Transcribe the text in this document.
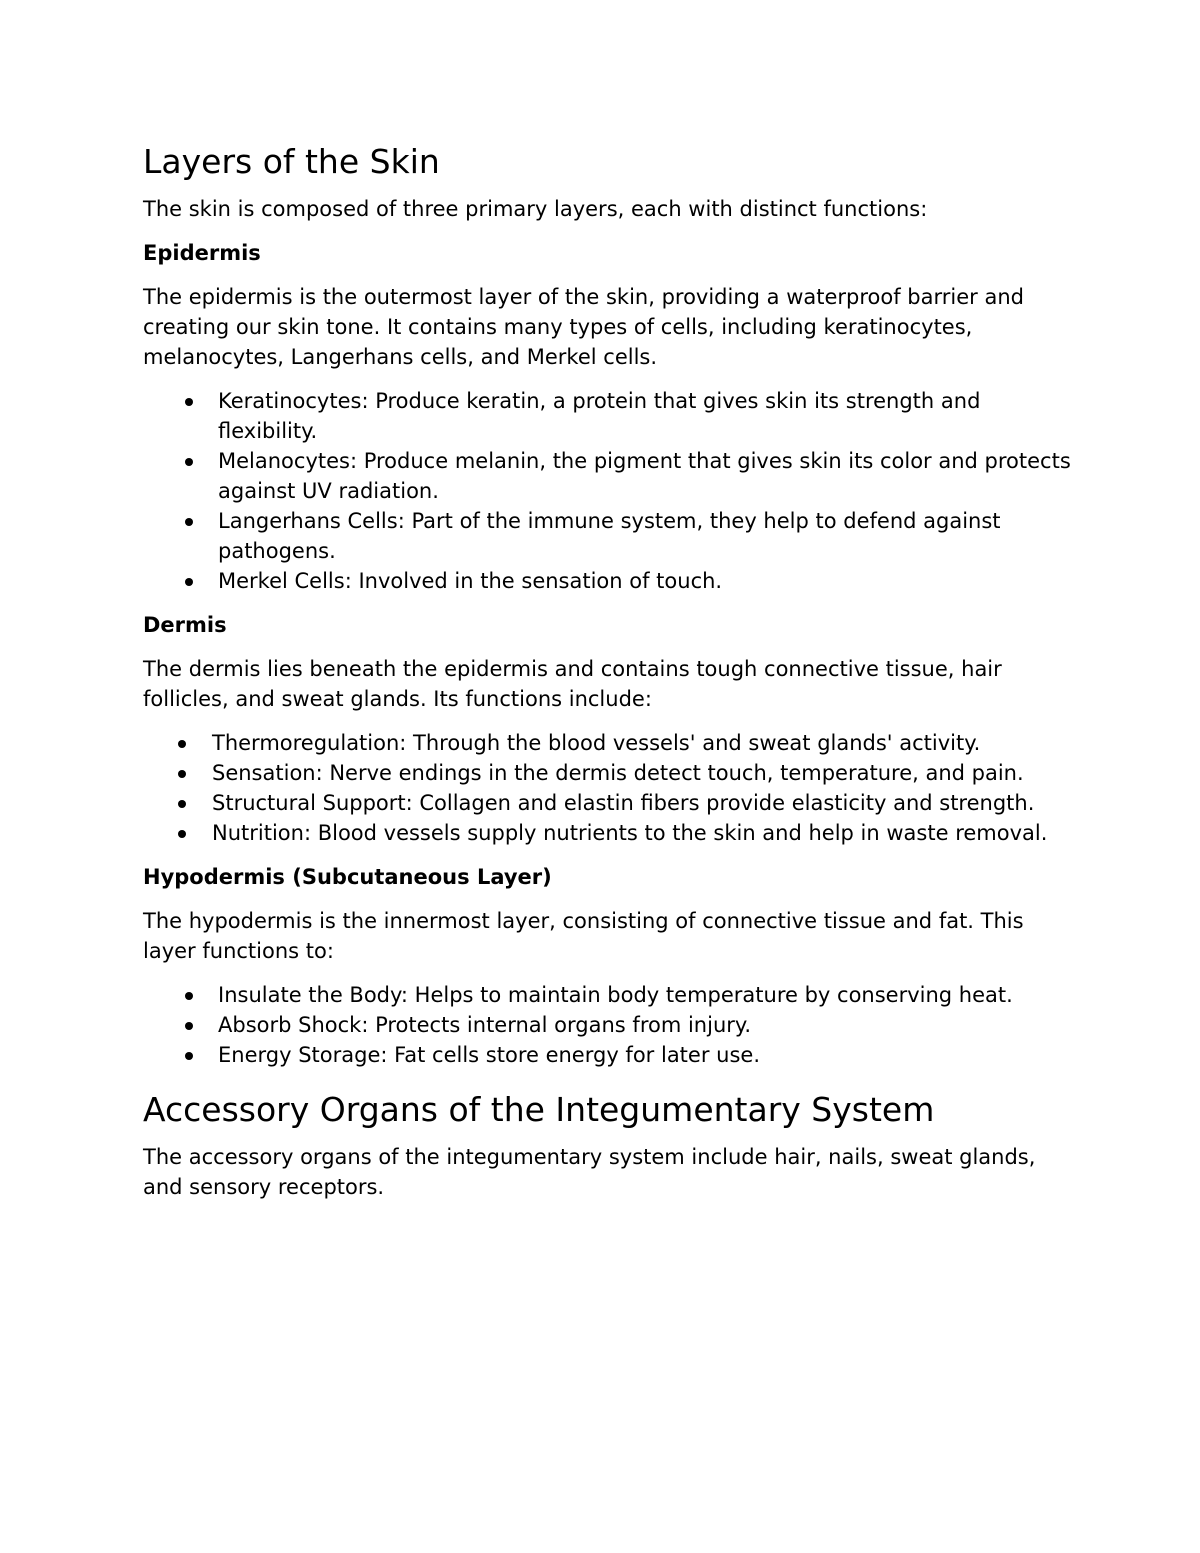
Layers of the Skin

The skin is composed of three primary layers, each with distinct functions:

Epidermis

The epidermis is the outermost layer of the skin, providing a waterproof barrier and creating our skin tone. It contains many types of cells, including keratinocytes, melanocytes, Langerhans cells, and Merkel cells.

Keratinocytes: Produce keratin, a protein that gives skin its strength and flexibility.
Melanocytes: Produce melanin, the pigment that gives skin its color and protects against UV radiation.
Langerhans Cells: Part of the immune system, they help to defend against pathogens.
Merkel Cells: Involved in the sensation of touch.
Dermis

The dermis lies beneath the epidermis and contains tough connective tissue, hair follicles, and sweat glands. Its functions include:

Thermoregulation: Through the blood vessels' and sweat glands' activity.
Sensation: Nerve endings in the dermis detect touch, temperature, and pain.
Structural Support: Collagen and elastin fibers provide elasticity and strength.
Nutrition: Blood vessels supply nutrients to the skin and help in waste removal.
Hypodermis (Subcutaneous Layer)

The hypodermis is the innermost layer, consisting of connective tissue and fat. This layer functions to:

Insulate the Body: Helps to maintain body temperature by conserving heat.
Absorb Shock: Protects internal organs from injury.
Energy Storage: Fat cells store energy for later use.
Accessory Organs of the Integumentary System

The accessory organs of the integumentary system include hair, nails, sweat glands, and sensory receptors.
